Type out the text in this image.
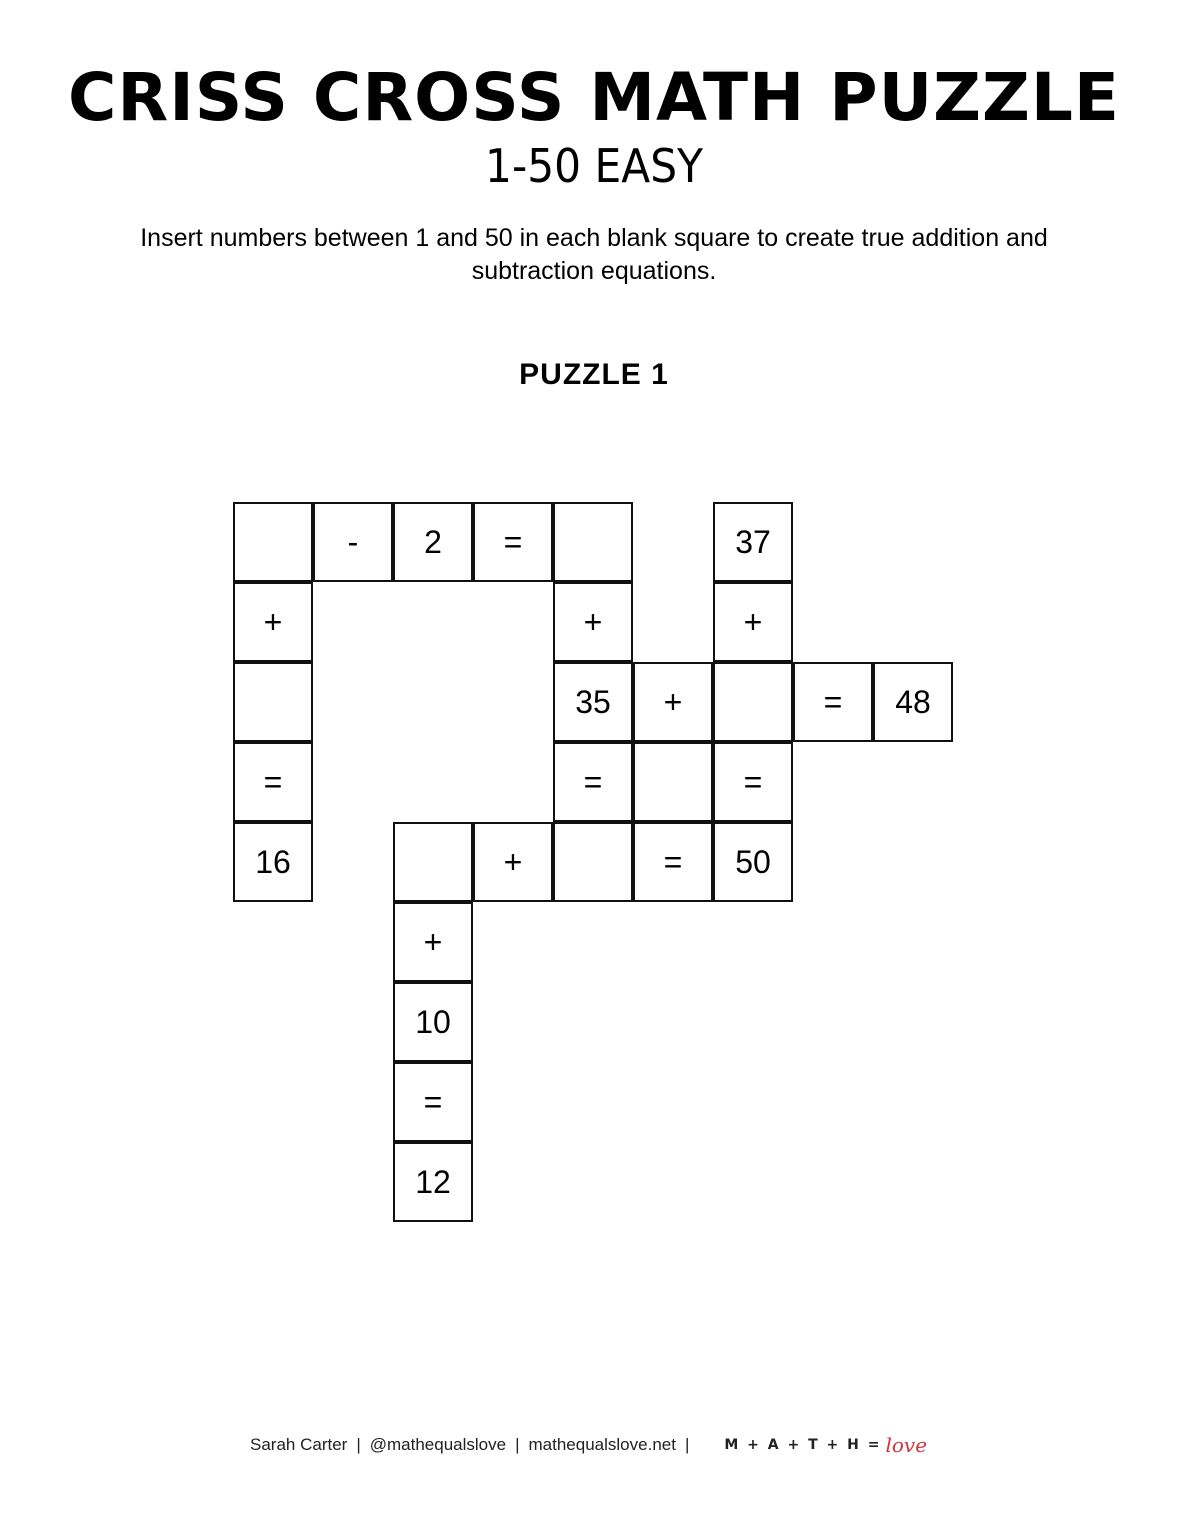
CRISS CROSS MATH PUZZLE
1-50 EASY
Insert numbers between 1 and 50 in each blank square to create true addition and subtraction equations.
PUZZLE 1
-	2	=	37
+	+	+
35	+	=	48
=	=	=
16	+	=	50
+
10
=
12
Sarah Carter | @mathequalslove | mathequalslove.net |	M + A + T + H = love
